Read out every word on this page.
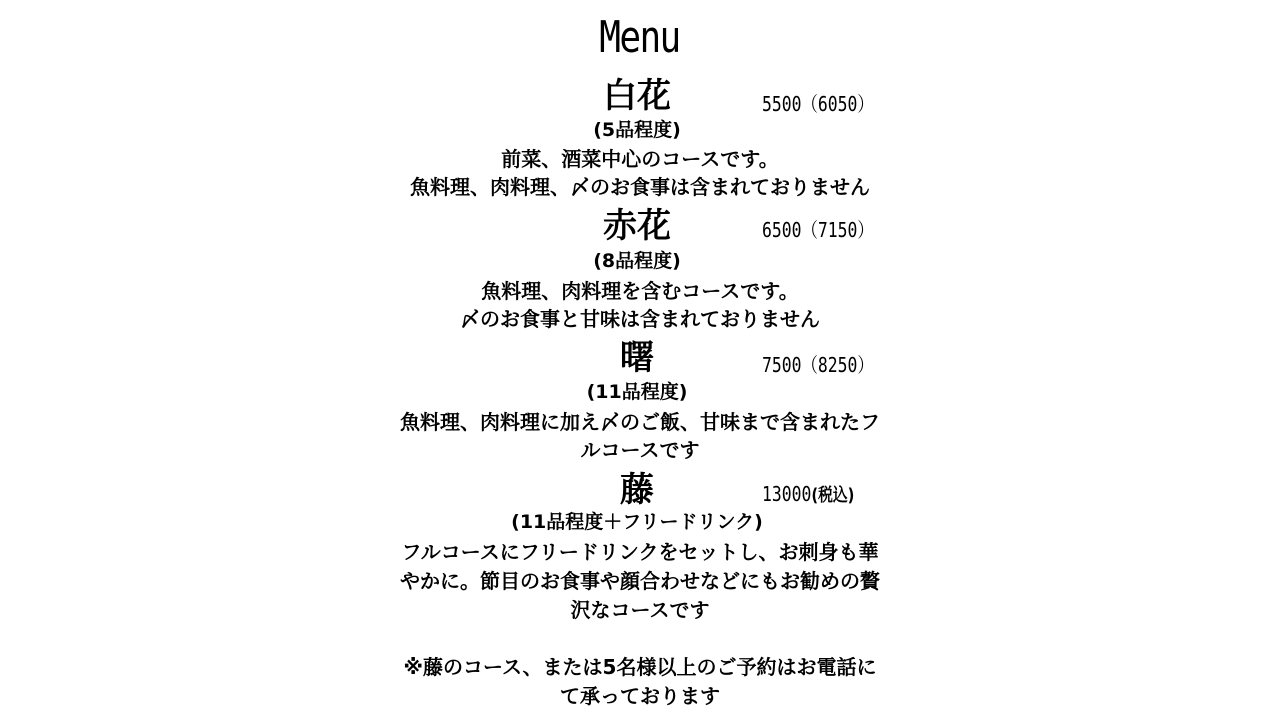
Menu
白花	5500（6050）
(5品程度)
前菜、酒菜中心のコースです。
魚料理、肉料理、〆のお食事は含まれておりません
赤花	6500（7150）
(8品程度)
魚料理、肉料理を含むコースです。
〆のお食事と甘味は含まれておりません
曙	7500（8250）
(11品程度)
魚料理、肉料理に加え〆のご飯、甘味まで含まれたフ
ルコースです
藤	13000(税込)
(11品程度＋フリードリンク)
フルコースにフリードリンクをセットし、お刺身も華
やかに。節目のお食事や顔合わせなどにもお勧めの贅
沢なコースです
※藤のコース、または5名様以上のご予約はお電話に
て承っております
